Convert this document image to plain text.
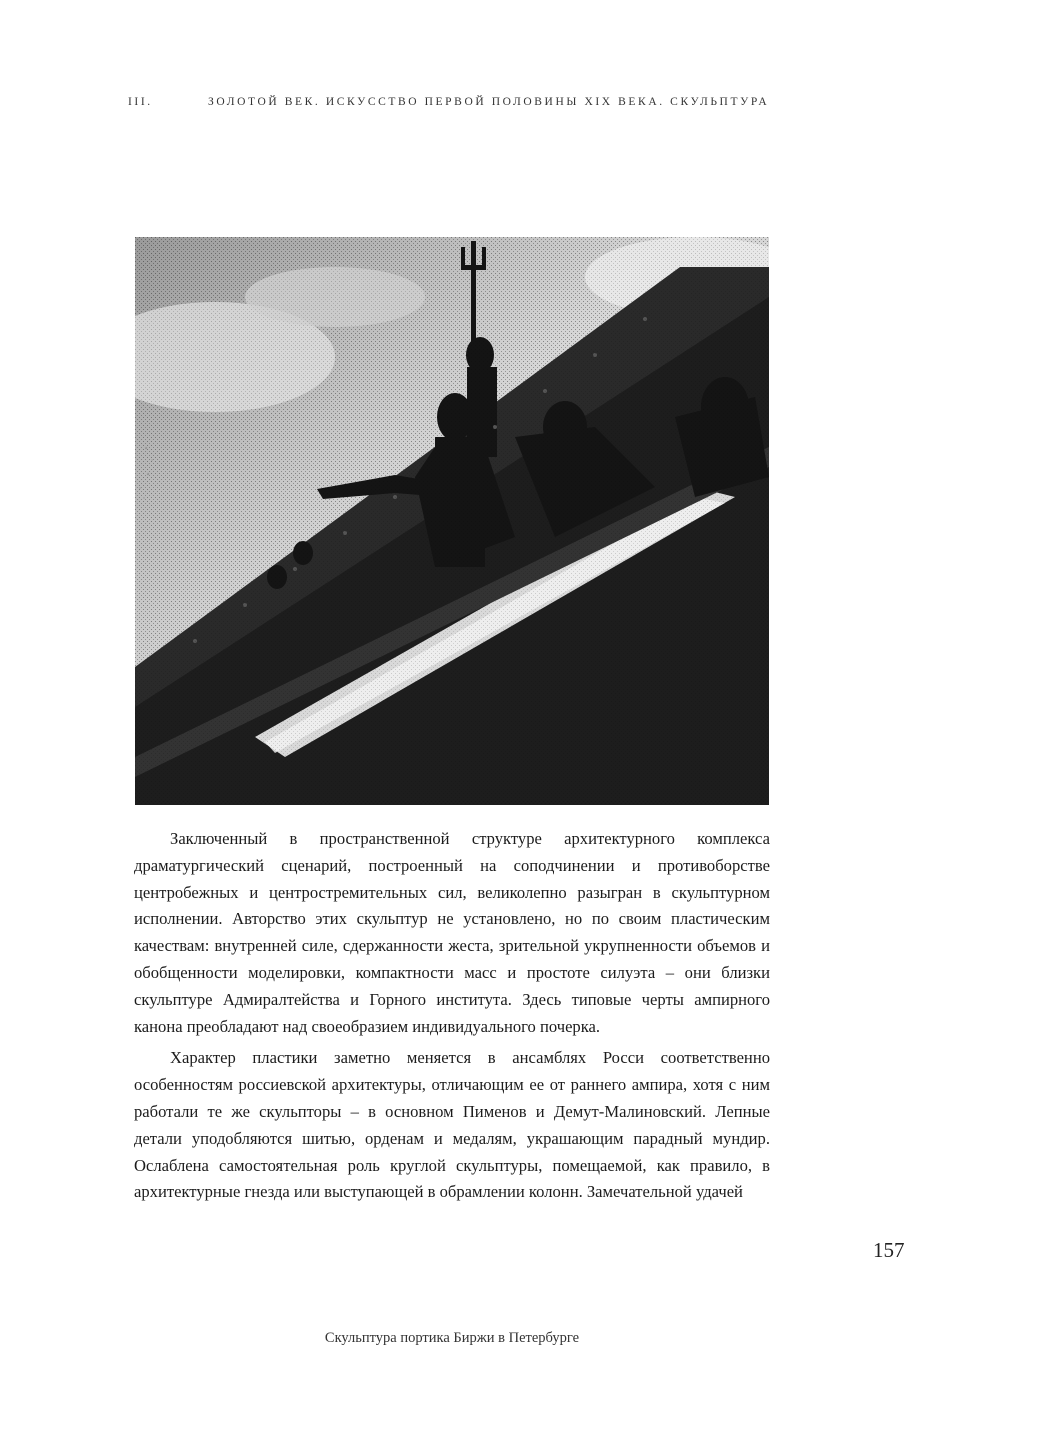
III.	ЗОЛОТОЙ ВЕК. ИСКУССТВО ПЕРВОЙ ПОЛОВИНЫ XIX ВЕКА. СКУЛЬПТУРА

Заключенный в пространственной структуре архитектурного комплекса драматургический сценарий, построенный на соподчинении и противоборстве центробежных и центростремительных сил, великолепно разыгран в скульптурном исполнении. Авторство этих скульптур не установлено, но по своим пластическим качествам: внутренней силе, сдержанности жеста, зрительной укрупненности объемов и обобщенности моделировки, компактности масс и простоте силуэта – они близки скульптуре Адмиралтейства и Горного института. Здесь типовые черты ампирного канона преобладают над своеобразием индивидуального почерка.

Характер пластики заметно меняется в ансамблях Росси соответственно особенностям россиевской архитектуры, отличающим ее от раннего ампира, хотя с ним работали те же скульпторы – в основном Пименов и Демут-Малиновский. Лепные детали уподобляются шитью, орденам и медалям, украшающим парадный мундир. Ослаблена самостоятельная роль круглой скульптуры, помещаемой, как правило, в архитектурные гнезда или выступающей в обрамлении колонн. Замечательной удачей

157
Скульптура портика Биржи в Петербурге
